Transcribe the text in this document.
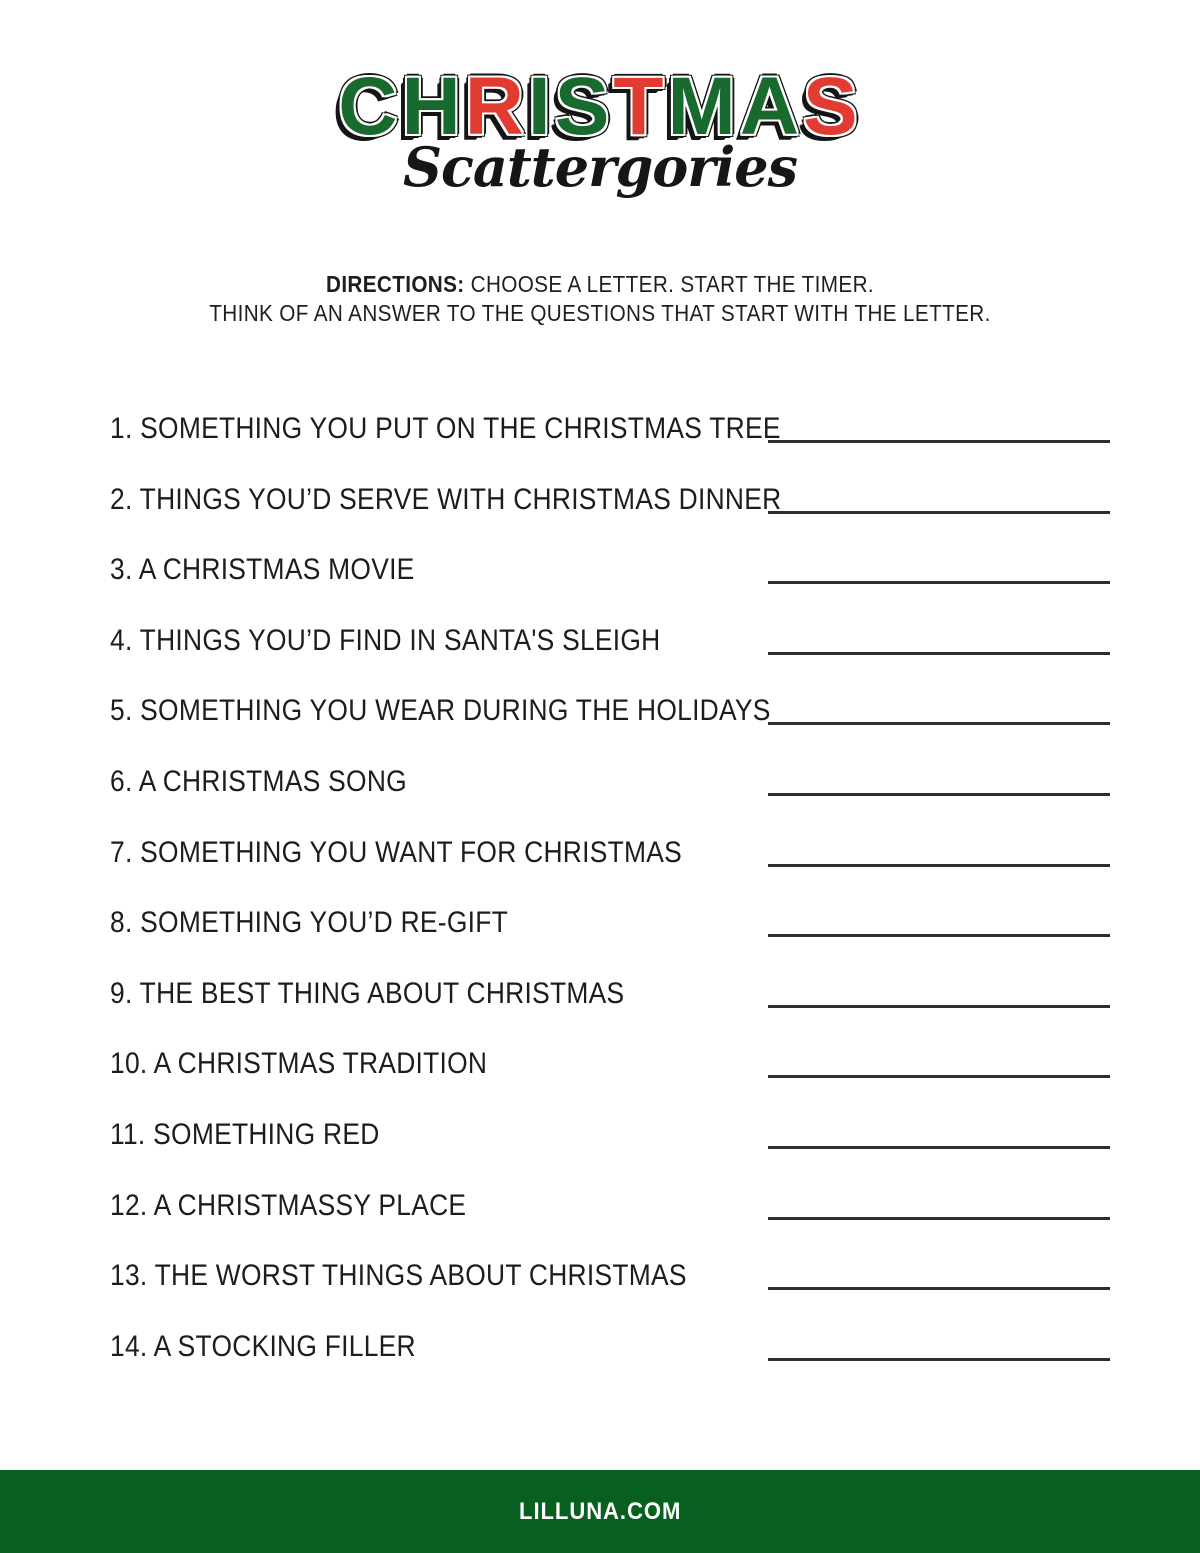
CHRISTMAS
Scattergories
DIRECTIONS: CHOOSE A LETTER. START THE TIMER.
THINK OF AN ANSWER TO THE QUESTIONS THAT START WITH THE LETTER.
1. SOMETHING YOU PUT ON THE CHRISTMAS TREE
2. THINGS YOU’D SERVE WITH CHRISTMAS DINNER
3. A CHRISTMAS MOVIE
4. THINGS YOU’D FIND IN SANTA'S SLEIGH
5. SOMETHING YOU WEAR DURING THE HOLIDAYS
6. A CHRISTMAS SONG
7. SOMETHING YOU WANT FOR CHRISTMAS
8. SOMETHING YOU’D RE-GIFT
9. THE BEST THING ABOUT CHRISTMAS
10. A CHRISTMAS TRADITION
11. SOMETHING RED
12. A CHRISTMASSY PLACE
13. THE WORST THINGS ABOUT CHRISTMAS
14. A STOCKING FILLER
LILLUNA.COM
